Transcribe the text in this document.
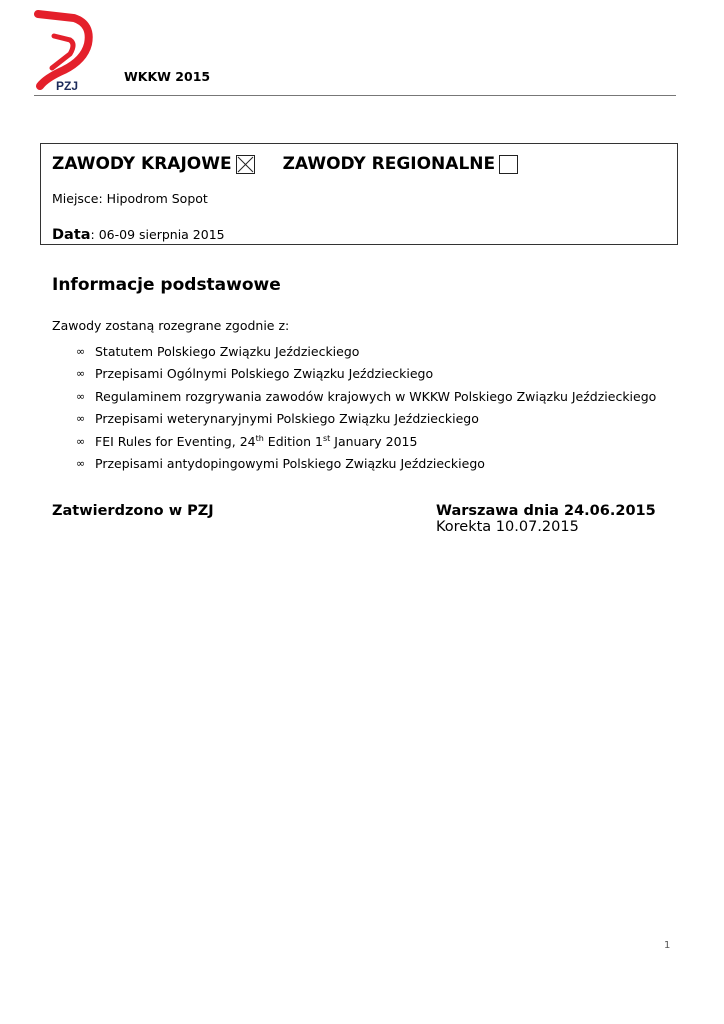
PZJ
WKKW 2015
ZAWODY KRAJOWE	ZAWODY REGIONALNE
Miejsce: Hipodrom Sopot
Data: 06-09 sierpnia 2015
Informacje podstawowe
Zawody zostaną rozegrane zgodnie z:
∞ Statutem Polskiego Związku Jeździeckiego
∞ Przepisami Ogólnymi Polskiego Związku Jeździeckiego
∞ Regulaminem rozgrywania zawodów krajowych w WKKW Polskiego Związku Jeździeckiego
∞ Przepisami weterynaryjnymi Polskiego Związku Jeździeckiego
∞ FEI Rules for Eventing, 24th Edition 1st January 2015
∞ Przepisami antydopingowymi Polskiego Związku Jeździeckiego
Zatwierdzono w PZJ	Warszawa dnia 24.06.2015
Korekta 10.07.2015
1
